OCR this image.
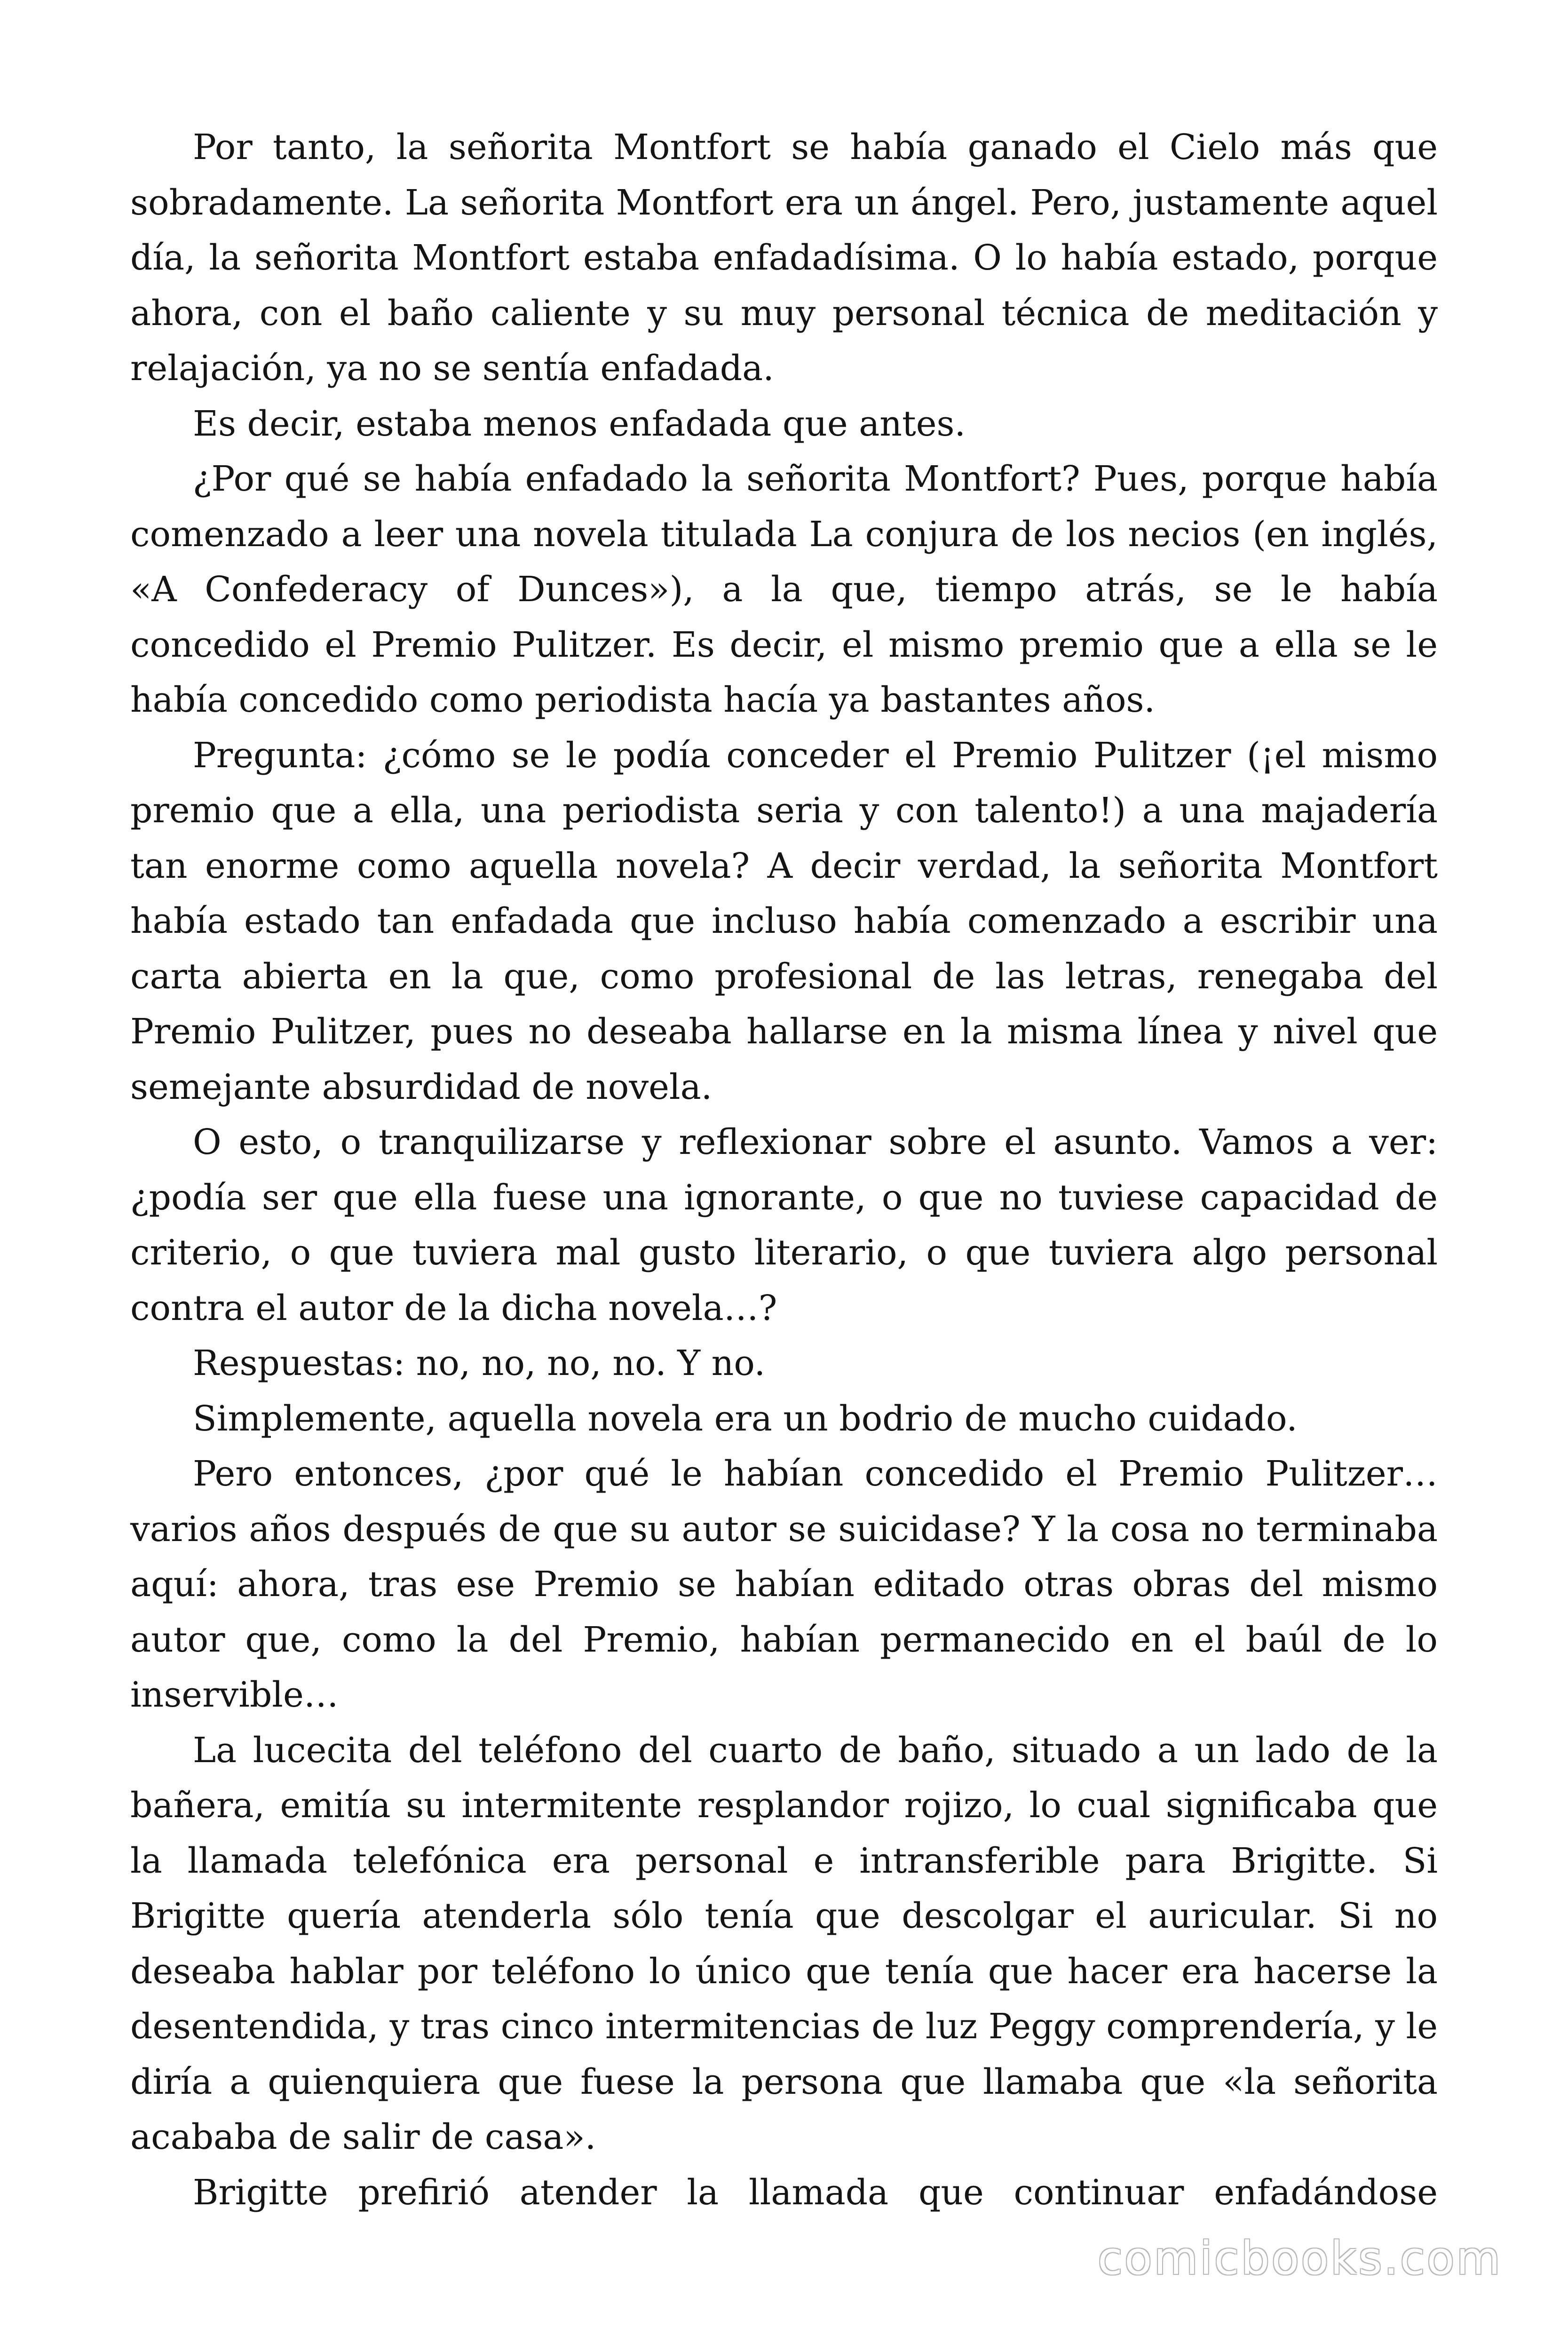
Por tanto, la señorita Montfort se había ganado el Cielo más que sobradamente. La señorita Montfort era un ángel. Pero, justamente aquel día, la señorita Montfort estaba enfadadísima. O lo había estado, porque ahora, con el baño caliente y su muy personal técnica de meditación y relajación, ya no se sentía enfadada.

Es decir, estaba menos enfadada que antes.

¿Por qué se había enfadado la señorita Montfort? Pues, porque había comenzado a leer una novela titulada La conjura de los necios (en inglés, «A Confederacy of Dunces»), a la que, tiempo atrás, se le había concedido el Premio Pulitzer. Es decir, el mismo premio que a ella se le había concedido como periodista hacía ya bastantes años.

Pregunta: ¿cómo se le podía conceder el Premio Pulitzer (¡el mismo premio que a ella, una periodista seria y con talento!) a una majadería tan enorme como aquella novela? A decir verdad, la señorita Montfort había estado tan enfadada que incluso había comenzado a escribir una carta abierta en la que, como profesional de las letras, renegaba del Premio Pulitzer, pues no deseaba hallarse en la misma línea y nivel que semejante absurdidad de novela.

O esto, o tranquilizarse y reflexionar sobre el asunto. Vamos a ver: ¿podía ser que ella fuese una ignorante, o que no tuviese capacidad de criterio, o que tuviera mal gusto literario, o que tuviera algo personal contra el autor de la dicha novela…?

Respuestas: no, no, no, no. Y no.

Simplemente, aquella novela era un bodrio de mucho cuidado.

Pero entonces, ¿por qué le habían concedido el Premio Pulitzer… varios años después de que su autor se suicidase? Y la cosa no terminaba aquí: ahora, tras ese Premio se habían editado otras obras del mismo autor que, como la del Premio, habían permanecido en el baúl de lo inservible…

La lucecita del teléfono del cuarto de baño, situado a un lado de la bañera, emitía su intermitente resplandor rojizo, lo cual significaba que la llamada telefónica era personal e intransferible para Brigitte. Si Brigitte quería atenderla sólo tenía que descolgar el auricular. Si no deseaba hablar por teléfono lo único que tenía que hacer era hacerse la desentendida, y tras cinco intermitencias de luz Peggy comprendería, y le diría a quienquiera que fuese la persona que llamaba que «la señorita acababa de salir de casa».

Brigitte prefirió atender la llamada que continuar enfadándose

comicbooks.com
